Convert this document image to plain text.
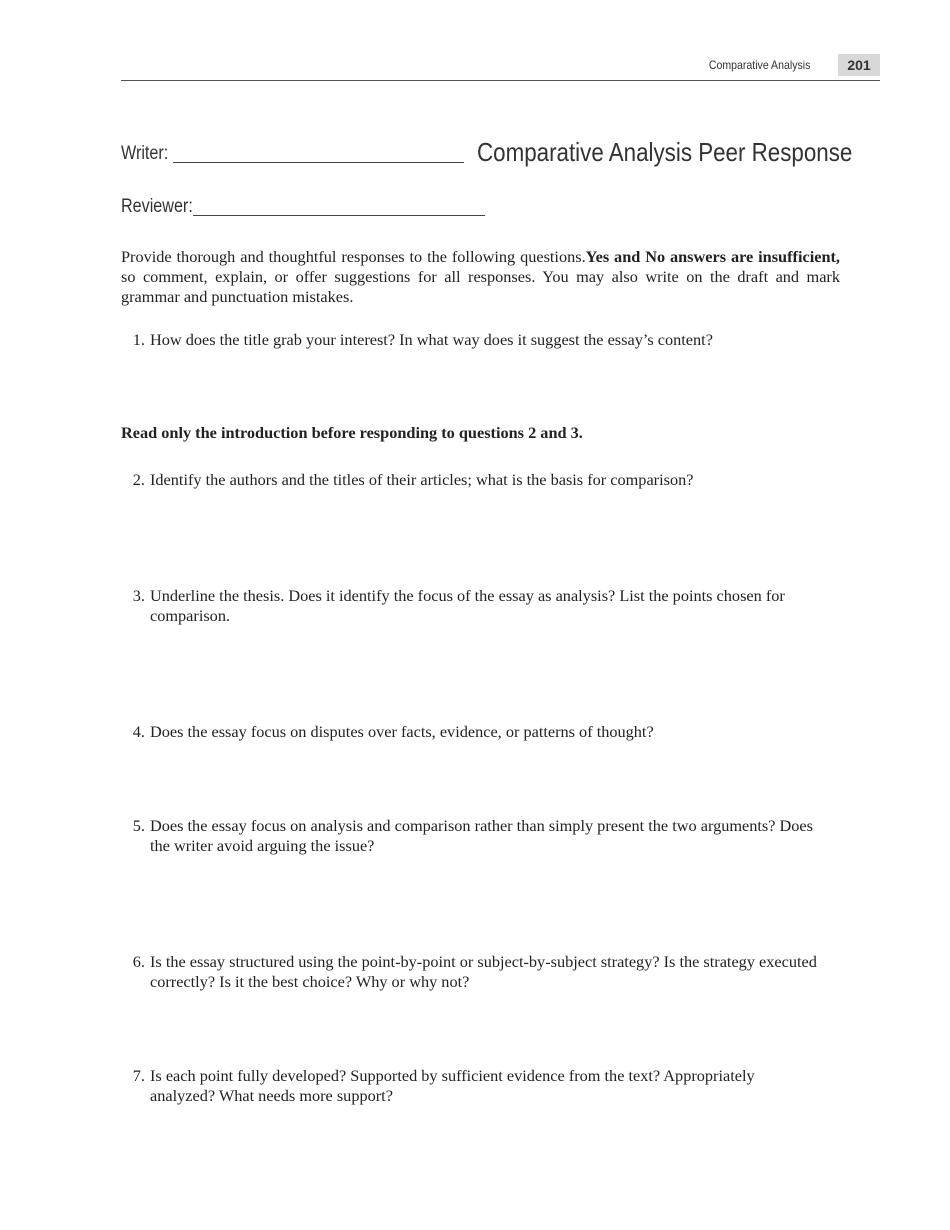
Comparative Analysis	201
Writer:	Comparative Analysis Peer Response
Reviewer:
Provide thorough and thoughtful responses to the following questions.Yes and No answers are insufficient, so comment, explain, or offer suggestions for all responses. You may also write on the draft and mark grammar and punctuation mistakes.
1. How does the title grab your interest? In what way does it suggest the essay’s content?
Read only the introduction before responding to questions 2 and 3.
2. Identify the authors and the titles of their articles; what is the basis for comparison?
3. Underline the thesis. Does it identify the focus of the essay as analysis? List the points chosen for comparison.
4. Does the essay focus on disputes over facts, evidence, or patterns of thought?
5. Does the essay focus on analysis and comparison rather than simply present the two arguments? Does the writer avoid arguing the issue?
6. Is the essay structured using the point-by-point or subject-by-subject strategy? Is the strategy executed correctly? Is it the best choice? Why or why not?
7. Is each point fully developed? Supported by sufficient evidence from the text? Appropriately analyzed? What needs more support?
